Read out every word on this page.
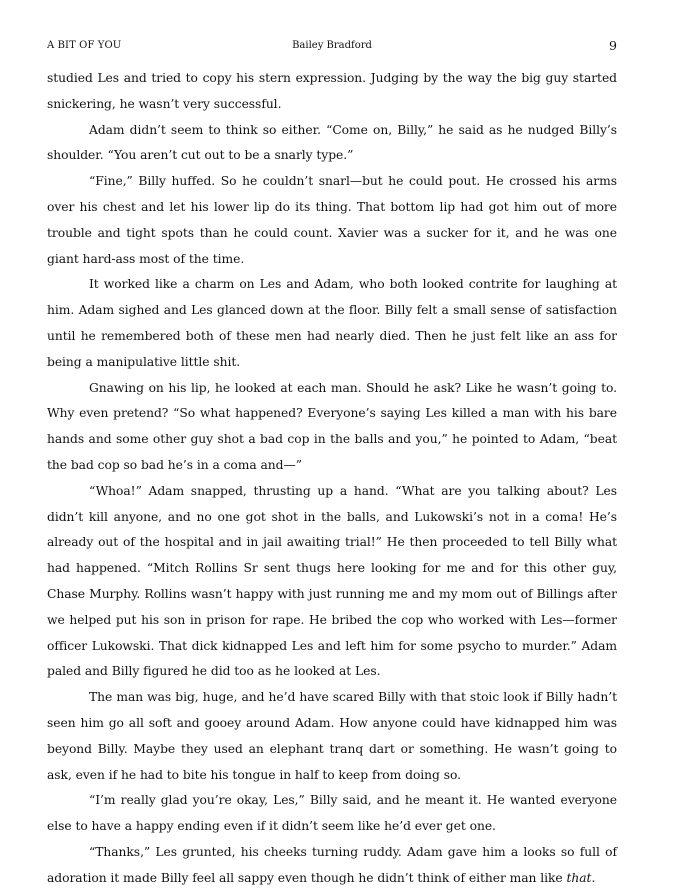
A BIT OF YOU	Bailey Bradford	9

studied Les and tried to copy his stern expression. Judging by the way the big guy started snickering, he wasn’t very successful.

Adam didn’t seem to think so either. “Come on, Billy,” he said as he nudged Billy’s shoulder. “You aren’t cut out to be a snarly type.”

“Fine,” Billy huffed. So he couldn’t snarl—but he could pout. He crossed his arms over his chest and let his lower lip do its thing. That bottom lip had got him out of more trouble and tight spots than he could count. Xavier was a sucker for it, and he was one giant hard-ass most of the time.

It worked like a charm on Les and Adam, who both looked contrite for laughing at him. Adam sighed and Les glanced down at the floor. Billy felt a small sense of satisfaction until he remembered both of these men had nearly died. Then he just felt like an ass for being a manipulative little shit.

Gnawing on his lip, he looked at each man. Should he ask? Like he wasn’t going to. Why even pretend? “So what happened? Everyone’s saying Les killed a man with his bare hands and some other guy shot a bad cop in the balls and you,” he pointed to Adam, “beat the bad cop so bad he’s in a coma and—”

“Whoa!” Adam snapped, thrusting up a hand. “What are you talking about? Les didn’t kill anyone, and no one got shot in the balls, and Lukowski’s not in a coma! He’s already out of the hospital and in jail awaiting trial!” He then proceeded to tell Billy what had happened. “Mitch Rollins Sr sent thugs here looking for me and for this other guy, Chase Murphy. Rollins wasn’t happy with just running me and my mom out of Billings after we helped put his son in prison for rape. He bribed the cop who worked with Les—former officer Lukowski. That dick kidnapped Les and left him for some psycho to murder.” Adam paled and Billy figured he did too as he looked at Les.

The man was big, huge, and he’d have scared Billy with that stoic look if Billy hadn’t seen him go all soft and gooey around Adam. How anyone could have kidnapped him was beyond Billy. Maybe they used an elephant tranq dart or something. He wasn’t going to ask, even if he had to bite his tongue in half to keep from doing so.

“I’m really glad you’re okay, Les,” Billy said, and he meant it. He wanted everyone else to have a happy ending even if it didn’t seem like he’d ever get one.

“Thanks,” Les grunted, his cheeks turning ruddy. Adam gave him a looks so full of adoration it made Billy feel all sappy even though he didn’t think of either man like that.
